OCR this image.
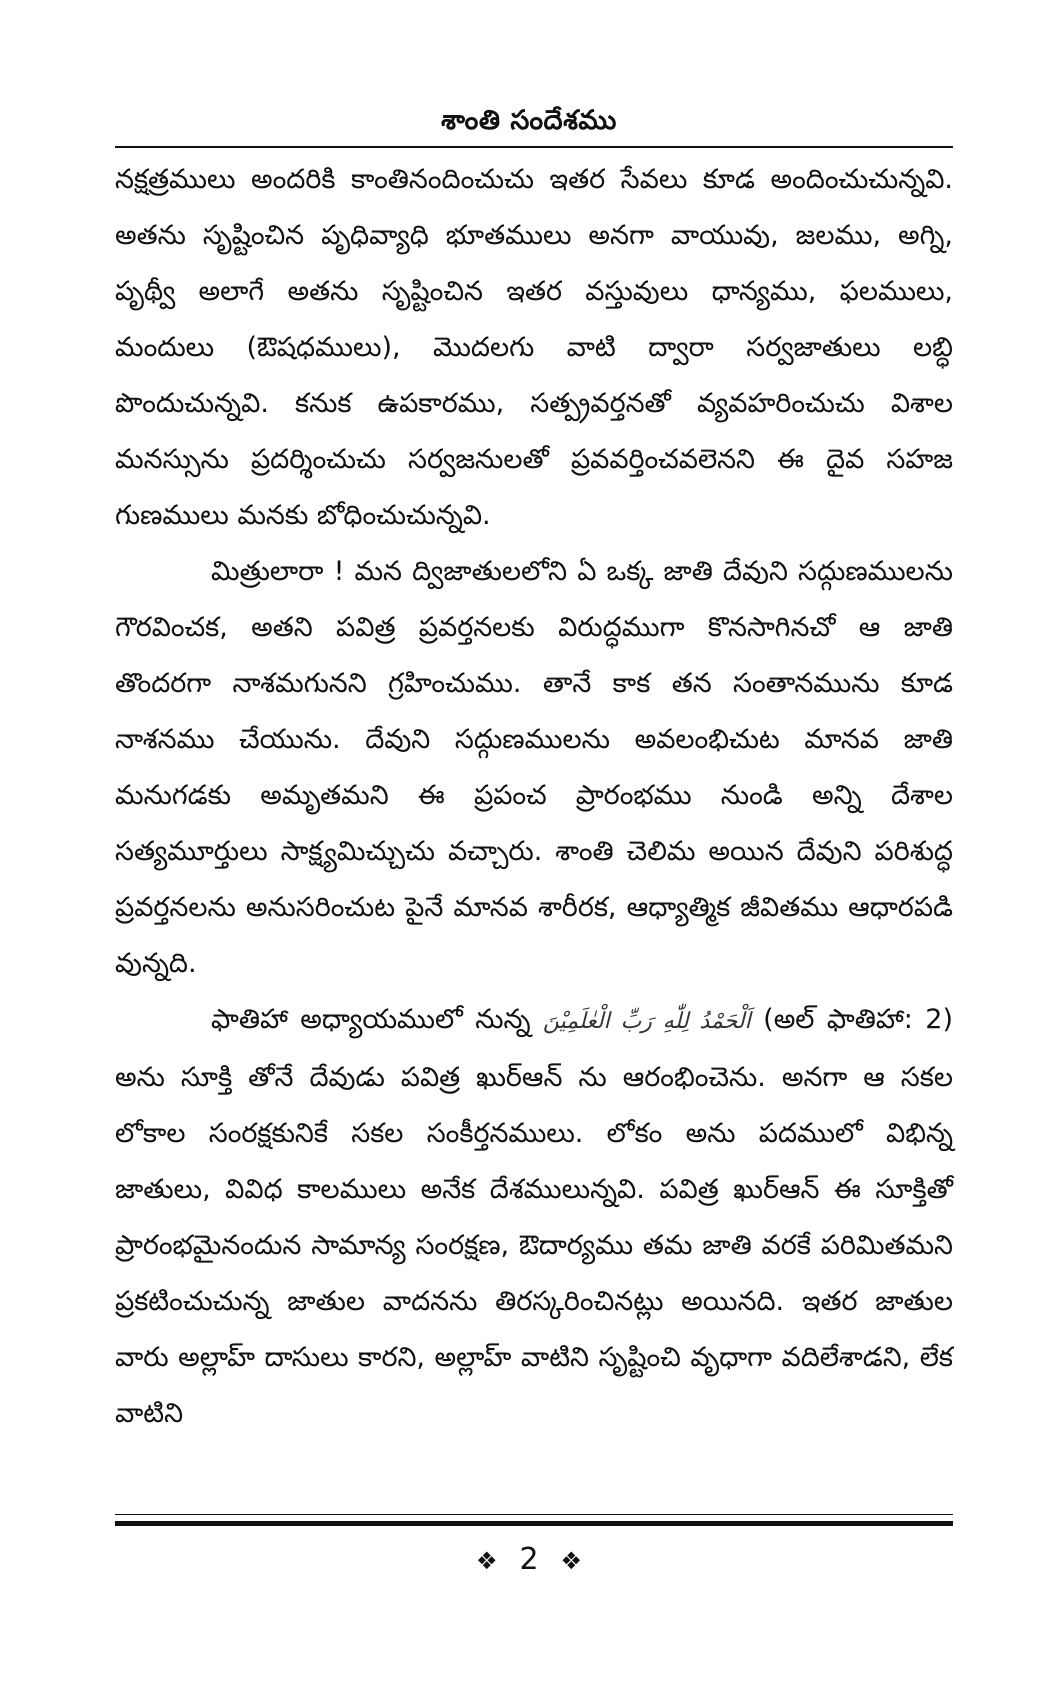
శాంతి సందేశము

నక్షత్రములు అందరికి కాంతినందించుచు ఇతర సేవలు కూడ అందించుచున్నవి. అతను సృష్టించిన పృధివ్యాధి భూతములు అనగా వాయువు, జలము, అగ్ని, పృథ్వీ అలాగే అతను సృష్టించిన ఇతర వస్తువులు ధాన్యము, ఫలములు, మందులు (ఔషధములు), మొదలగు వాటి ద్వారా సర్వజాతులు లబ్ధి పొందుచున్నవి. కనుక ఉపకారము, సత్ప్రవర్తనతో వ్యవహరించుచు విశాల మనస్సును ప్రదర్శించుచు సర్వజనులతో ప్రవవర్తించవలెనని ఈ దైవ సహజ గుణములు మనకు బోధించుచున్నవి.

మిత్రులారా ! మన ద్విజాతులలోని ఏ ఒక్క జాతి దేవుని సద్గుణములను గౌరవించక, అతని పవిత్ర ప్రవర్తనలకు విరుద్ధముగా కొనసాగినచో ఆ జాతి తొందరగా నాశమగునని గ్రహించుము. తానే కాక తన సంతానమును కూడ నాశనము చేయును. దేవుని సద్గుణములను అవలంభిచుట మానవ జాతి మనుగడకు అమృతమని ఈ ప్రపంచ ప్రారంభము నుండి అన్ని దేశాల సత్యమూర్తులు సాక్ష్యమిచ్చుచు వచ్చారు. శాంతి చెలిమ అయిన దేవుని పరిశుద్ధ ప్రవర్తనలను అనుసరించుట పైనే మానవ శారీరక, ఆధ్యాత్మిక జీవితము ఆధారపడి వున్నది.

ఫాతిహా అధ్యాయములో నున్న اَلْحَمْدُ لِلّٰهِ رَبِّ الْعٰلَمِيْنَ (అల్ ఫాతిహా: 2) అను సూక్తి తోనే దేవుడు పవిత్ర ఖుర్ఆన్ ను ఆరంభించెను. అనగా ఆ సకల లోకాల సంరక్షకునికే సకల సంకీర్తనములు. లోకం అను పదములో విభిన్న జాతులు, వివిధ కాలములు అనేక దేశములున్నవి. పవిత్ర ఖుర్ఆన్ ఈ సూక్తితో ప్రారంభమైనందున సామాన్య సంరక్షణ, ఔదార్యము తమ జాతి వరకే పరిమితమని ప్రకటించుచున్న జాతుల వాదనను తిరస్కరించినట్లు అయినది. ఇతర జాతుల వారు అల్లాహ్ దాసులు కారని, అల్లాహ్ వాటిని సృష్టించి వృధాగా వదిలేశాడని, లేక వాటిని

❖ 2 ❖
